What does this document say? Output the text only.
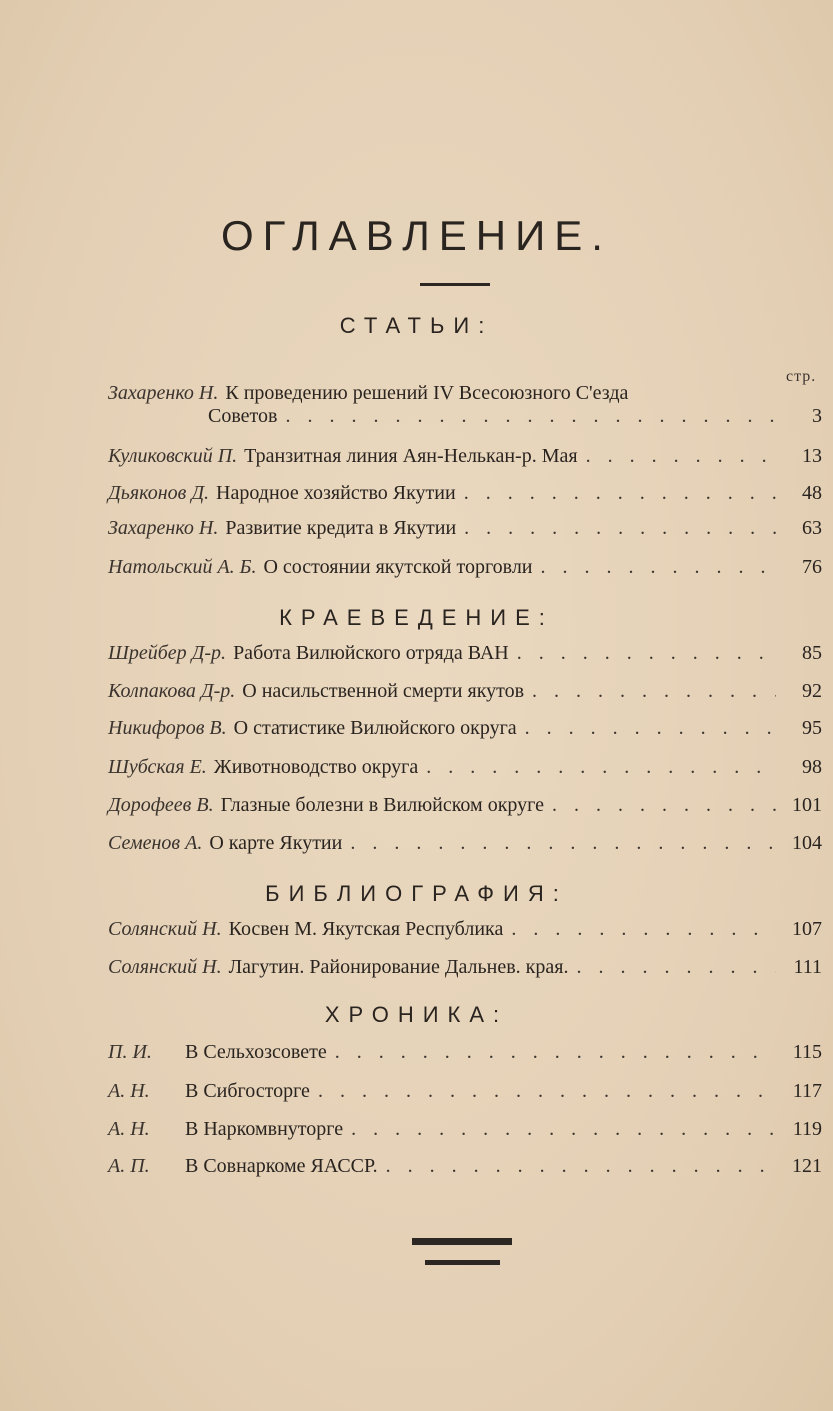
ОГЛАВЛЕНИЕ.
СТАТЬИ:
стр.
Захаренко Н. К проведению решений IV Всесоюзного С'езда
Советов . . .	3
Куликовский П. Транзитная линия Аян-Нелькан-р. Мая . . .	13
Дьяконов Д. Народное хозяйство Якутии . . .	48
Захаренко Н. Развитие кредита в Якутии . . .	63
Натольский А. Б. О состоянии якутской торговли . . .	76
КРАЕВЕДЕНИЕ:
Шрейбер Д-р. Работа Вилюйского отряда ВАН . . .	85
Колпакова Д-р. О насильственной смерти якутов . . .	92
Никифоров В. О статистике Вилюйского округа . . .	95
Шубская Е. Животноводство округа . . .	98
Дорофеев В. Глазные болезни в Вилюйском округе . . .	101
Семенов А. О карте Якутии . . .	104
БИБЛИОГРАФИЯ:
Солянский Н. Косвен М. Якутская Республика . . .	107
Солянский Н. Лагутин. Районирование Дальнев. края. . . .	111
ХРОНИКА:
П. И.	В Сельхозсовете . . .	115
А. Н.	В Сибгосторге . . .	117
А. Н.	В Наркомвнуторге . . .	119
А. П.	В Совнаркоме ЯАССР. . . .	121
